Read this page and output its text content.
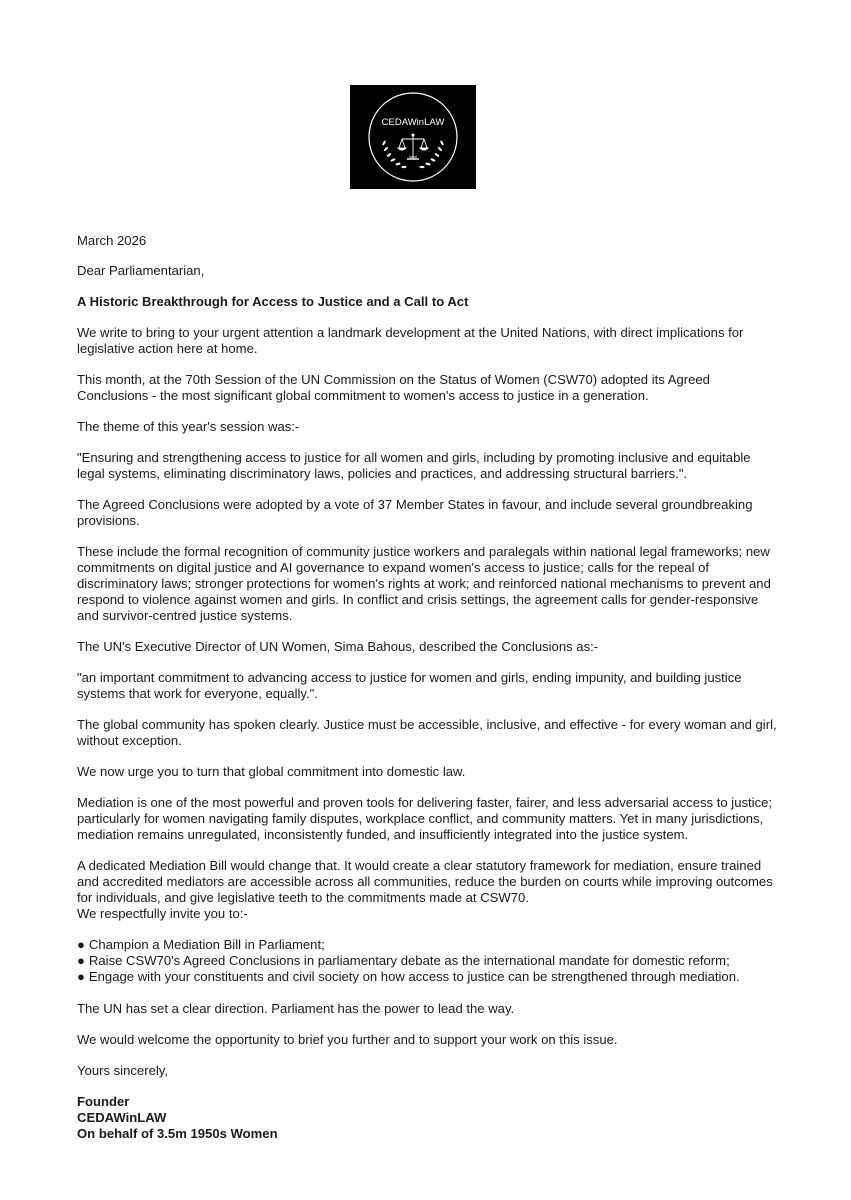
CEDAWinLAW

March 2026

Dear Parliamentarian,

A Historic Breakthrough for Access to Justice and a Call to Act

We write to bring to your urgent attention a landmark development at the United Nations, with direct implications for legislative action here at home.

This month, at the 70th Session of the UN Commission on the Status of Women (CSW70) adopted its Agreed Conclusions - the most significant global commitment to women's access to justice in a generation.

The theme of this year's session was:-

"Ensuring and strengthening access to justice for all women and girls, including by promoting inclusive and equitable legal systems, eliminating discriminatory laws, policies and practices, and addressing structural barriers.".

The Agreed Conclusions were adopted by a vote of 37 Member States in favour, and include several groundbreaking provisions.

These include the formal recognition of community justice workers and paralegals within national legal frameworks; new commitments on digital justice and AI governance to expand women's access to justice; calls for the repeal of discriminatory laws; stronger protections for women's rights at work; and reinforced national mechanisms to prevent and respond to violence against women and girls. In conflict and crisis settings, the agreement calls for gender-responsive and survivor-centred justice systems.

The UN's Executive Director of UN Women, Sima Bahous, described the Conclusions as:-

"an important commitment to advancing access to justice for women and girls, ending impunity, and building justice systems that work for everyone, equally.".

The global community has spoken clearly. Justice must be accessible, inclusive, and effective - for every woman and girl, without exception.

We now urge you to turn that global commitment into domestic law.

Mediation is one of the most powerful and proven tools for delivering faster, fairer, and less adversarial access to justice; particularly for women navigating family disputes, workplace conflict, and community matters. Yet in many jurisdictions, mediation remains unregulated, inconsistently funded, and insufficiently integrated into the justice system.

A dedicated Mediation Bill would change that. It would create a clear statutory framework for mediation, ensure trained and accredited mediators are accessible across all communities, reduce the burden on courts while improving outcomes for individuals, and give legislative teeth to the commitments made at CSW70.

We respectfully invite you to:-

● Champion a Mediation Bill in Parliament;
● Raise CSW70's Agreed Conclusions in parliamentary debate as the international mandate for domestic reform;
● Engage with your constituents and civil society on how access to justice can be strengthened through mediation.

The UN has set a clear direction. Parliament has the power to lead the way.

We would welcome the opportunity to brief you further and to support your work on this issue.

Yours sincerely,

Founder
CEDAWinLAW
On behalf of 3.5m 1950s Women
